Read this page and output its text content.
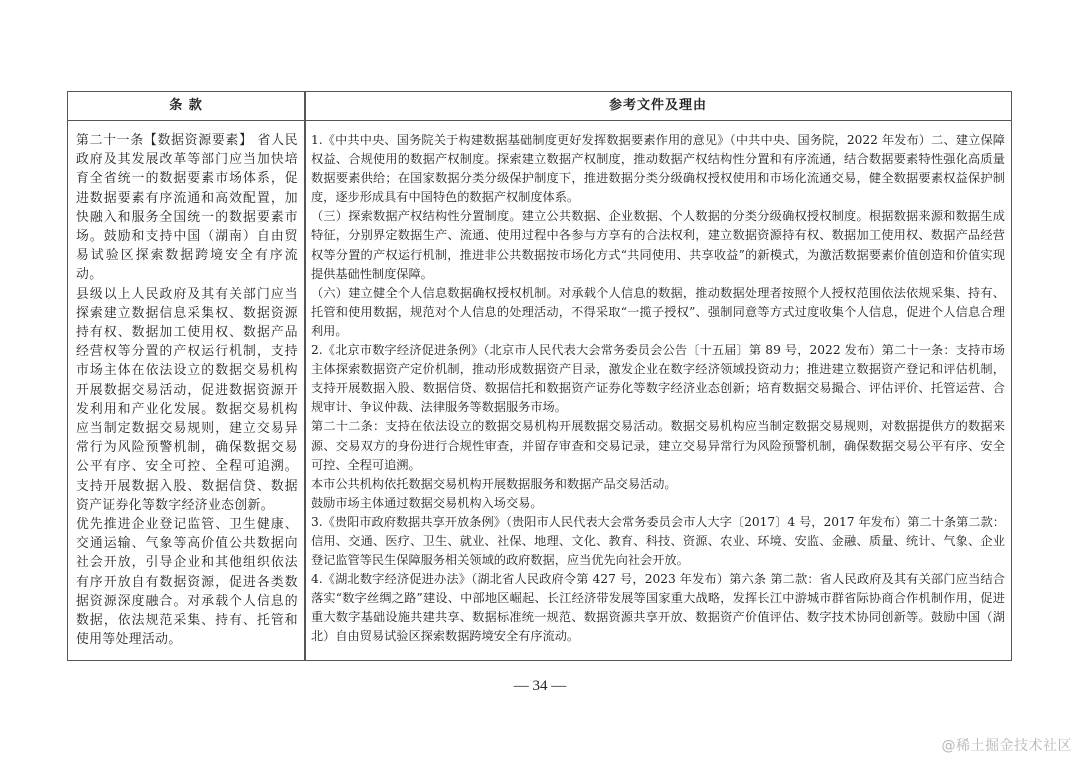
条 款	参考文件及理由

第二十一条【数据资源要素】 省人民政府及其发展改革等部门应当加快培育全省统一的数据要素市场体系，促进数据要素有序流通和高效配置，加快融入和服务全国统一的数据要素市场。鼓励和支持中国（湖南）自由贸易试验区探索数据跨境安全有序流动。

县级以上人民政府及其有关部门应当探索建立数据信息采集权、数据资源持有权、数据加工使用权、数据产品经营权等分置的产权运行机制，支持市场主体在依法设立的数据交易机构开展数据交易活动，促进数据资源开发利用和产业化发展。数据交易机构应当制定数据交易规则，建立交易异常行为风险预警机制，确保数据交易公平有序、安全可控、全程可追溯。支持开展数据入股、数据信贷、数据资产证券化等数字经济业态创新。

优先推进企业登记监管、卫生健康、交通运输、气象等高价值公共数据向社会开放，引导企业和其他组织依法有序开放自有数据资源，促进各类数据资源深度融合。对承载个人信息的数据，依法规范采集、持有、托管和使用等处理活动。

1.《中共中央、国务院关于构建数据基础制度更好发挥数据要素作用的意见》（中共中央、国务院，2022 年发布）二、建立保障权益、合规使用的数据产权制度。探索建立数据产权制度，推动数据产权结构性分置和有序流通，结合数据要素特性强化高质量数据要素供给；在国家数据分类分级保护制度下，推进数据分类分级确权授权使用和市场化流通交易，健全数据要素权益保护制度，逐步形成具有中国特色的数据产权制度体系。

（三）探索数据产权结构性分置制度。建立公共数据、企业数据、个人数据的分类分级确权授权制度。根据数据来源和数据生成特征，分别界定数据生产、流通、使用过程中各参与方享有的合法权利，建立数据资源持有权、数据加工使用权、数据产品经营权等分置的产权运行机制，推进非公共数据按市场化方式“共同使用、共享收益”的新模式，为激活数据要素价值创造和价值实现提供基础性制度保障。

（六）建立健全个人信息数据确权授权机制。对承载个人信息的数据，推动数据处理者按照个人授权范围依法依规采集、持有、托管和使用数据，规范对个人信息的处理活动，不得采取“一揽子授权”、强制同意等方式过度收集个人信息，促进个人信息合理利用。

2.《北京市数字经济促进条例》（北京市人民代表大会常务委员会公告〔十五届〕第 89 号，2022 发布）第二十一条：支持市场主体探索数据资产定价机制，推动形成数据资产目录，激发企业在数字经济领域投资动力；推进建立数据资产登记和评估机制，支持开展数据入股、数据信贷、数据信托和数据资产证券化等数字经济业态创新；培育数据交易撮合、评估评价、托管运营、合规审计、争议仲裁、法律服务等数据服务市场。

第二十二条：支持在依法设立的数据交易机构开展数据交易活动。数据交易机构应当制定数据交易规则，对数据提供方的数据来源、交易双方的身份进行合规性审查，并留存审查和交易记录，建立交易异常行为风险预警机制，确保数据交易公平有序、安全可控、全程可追溯。

本市公共机构依托数据交易机构开展数据服务和数据产品交易活动。

鼓励市场主体通过数据交易机构入场交易。

3.《贵阳市政府数据共享开放条例》（贵阳市人民代表大会常务委员会市人大字〔2017〕4 号，2017 年发布）第二十条第二款：信用、交通、医疗、卫生、就业、社保、地理、文化、教育、科技、资源、农业、环境、安监、金融、质量、统计、气象、企业登记监管等民生保障服务相关领域的政府数据，应当优先向社会开放。

4.《湖北数字经济促进办法》（湖北省人民政府令第 427 号，2023 年发布）第六条 第二款：省人民政府及其有关部门应当结合落实“数字丝绸之路”建设、中部地区崛起、长江经济带发展等国家重大战略，发挥长江中游城市群省际协商合作机制作用，促进重大数字基础设施共建共享、数据标准统一规范、数据资源共享开放、数据资产价值评估、数字技术协同创新等。鼓励中国（湖北）自由贸易试验区探索数据跨境安全有序流动。

— 34 —
@稀土掘金技术社区
